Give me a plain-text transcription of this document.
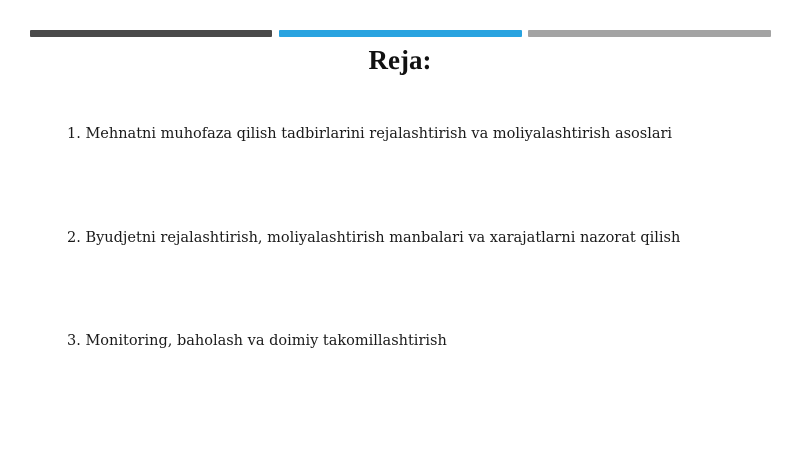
Reja:

1. Mehnatni muhofaza qilish tadbirlarini rejalashtirish va moliyalashtirish asoslari

2. Byudjetni rejalashtirish, moliyalashtirish manbalari va xarajatlarni nazorat qilish

3. Monitoring, baholash va doimiy takomillashtirish
